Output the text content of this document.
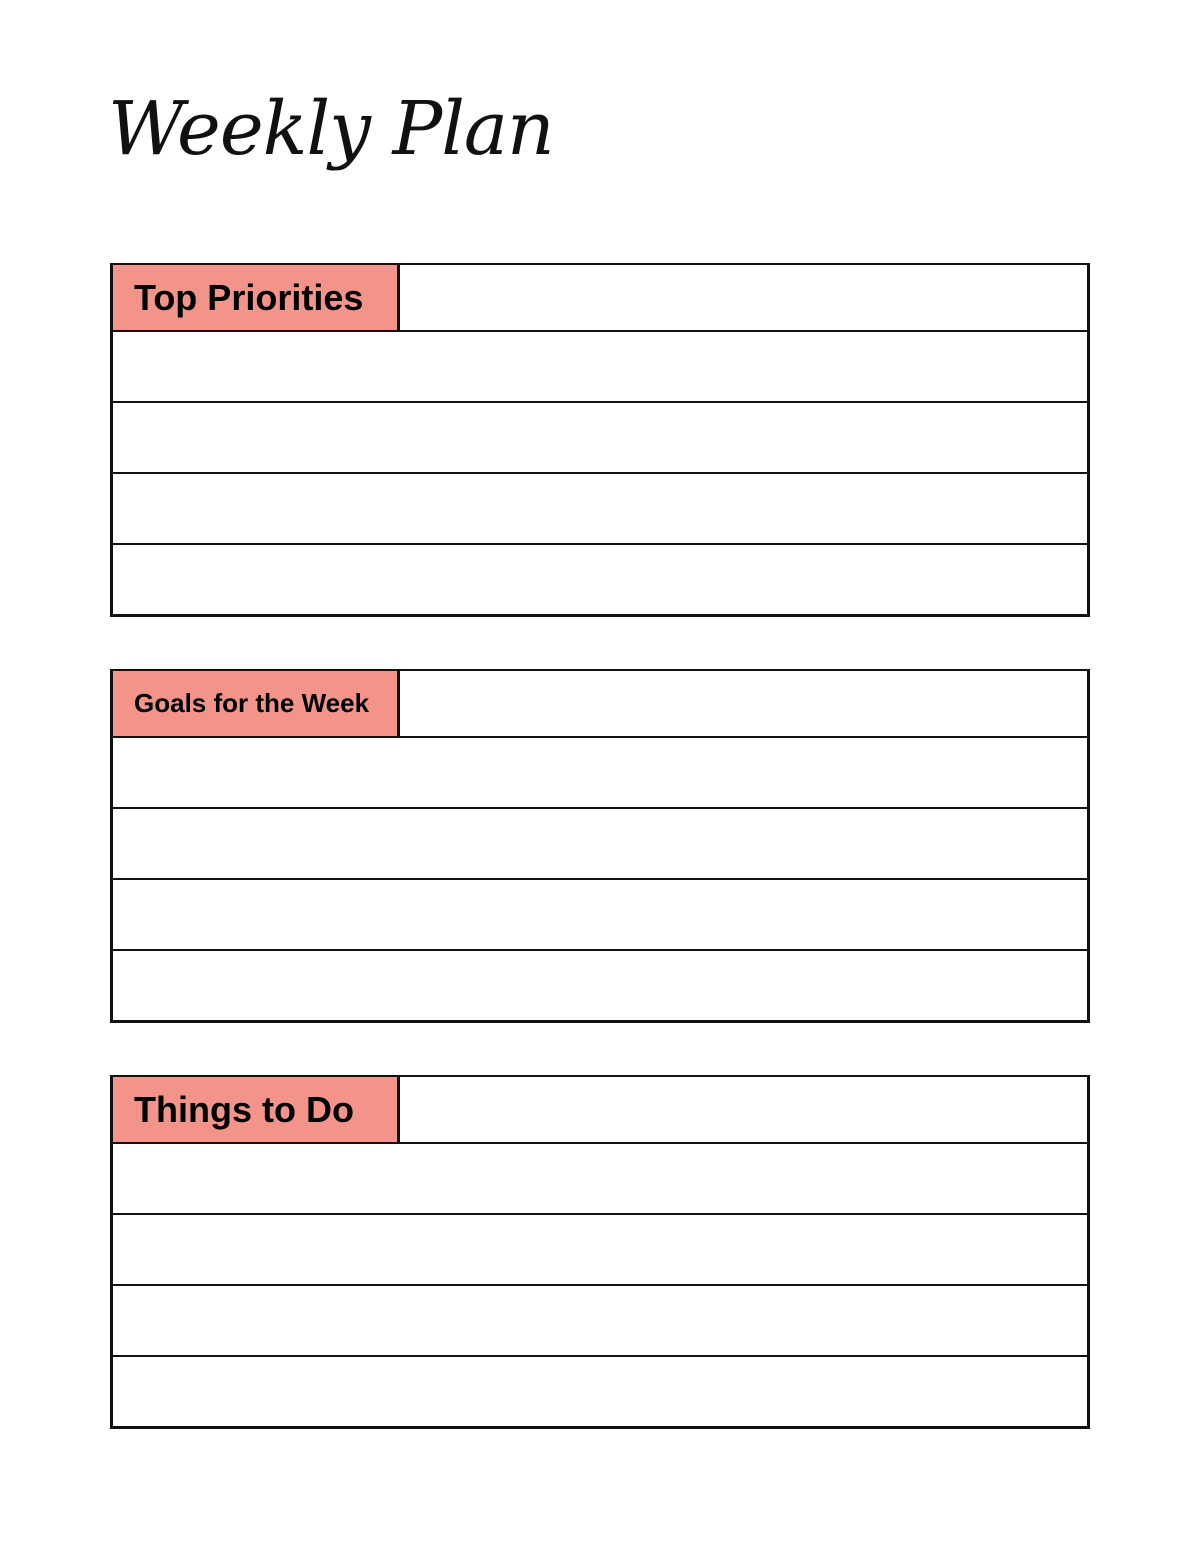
Weekly Plan
Top Priorities
Goals for the Week
Things to Do
